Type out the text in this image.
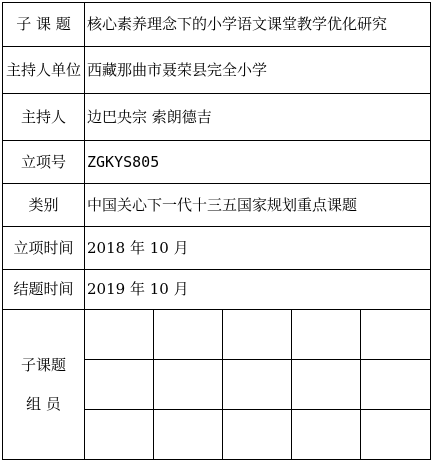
子 课 题	核心素养理念下的小学语文课堂教学优化研究				
主持人单位	西藏那曲市聂荣县完全小学				
主持人	边巴央宗 索朗德吉				
立项号	ZGKYS805				
类别	中国关心下一代十三五国家规划重点课题				
立项时间	2018 年 10 月				
结题时间	2019 年 10 月				

子课题
组 员					
